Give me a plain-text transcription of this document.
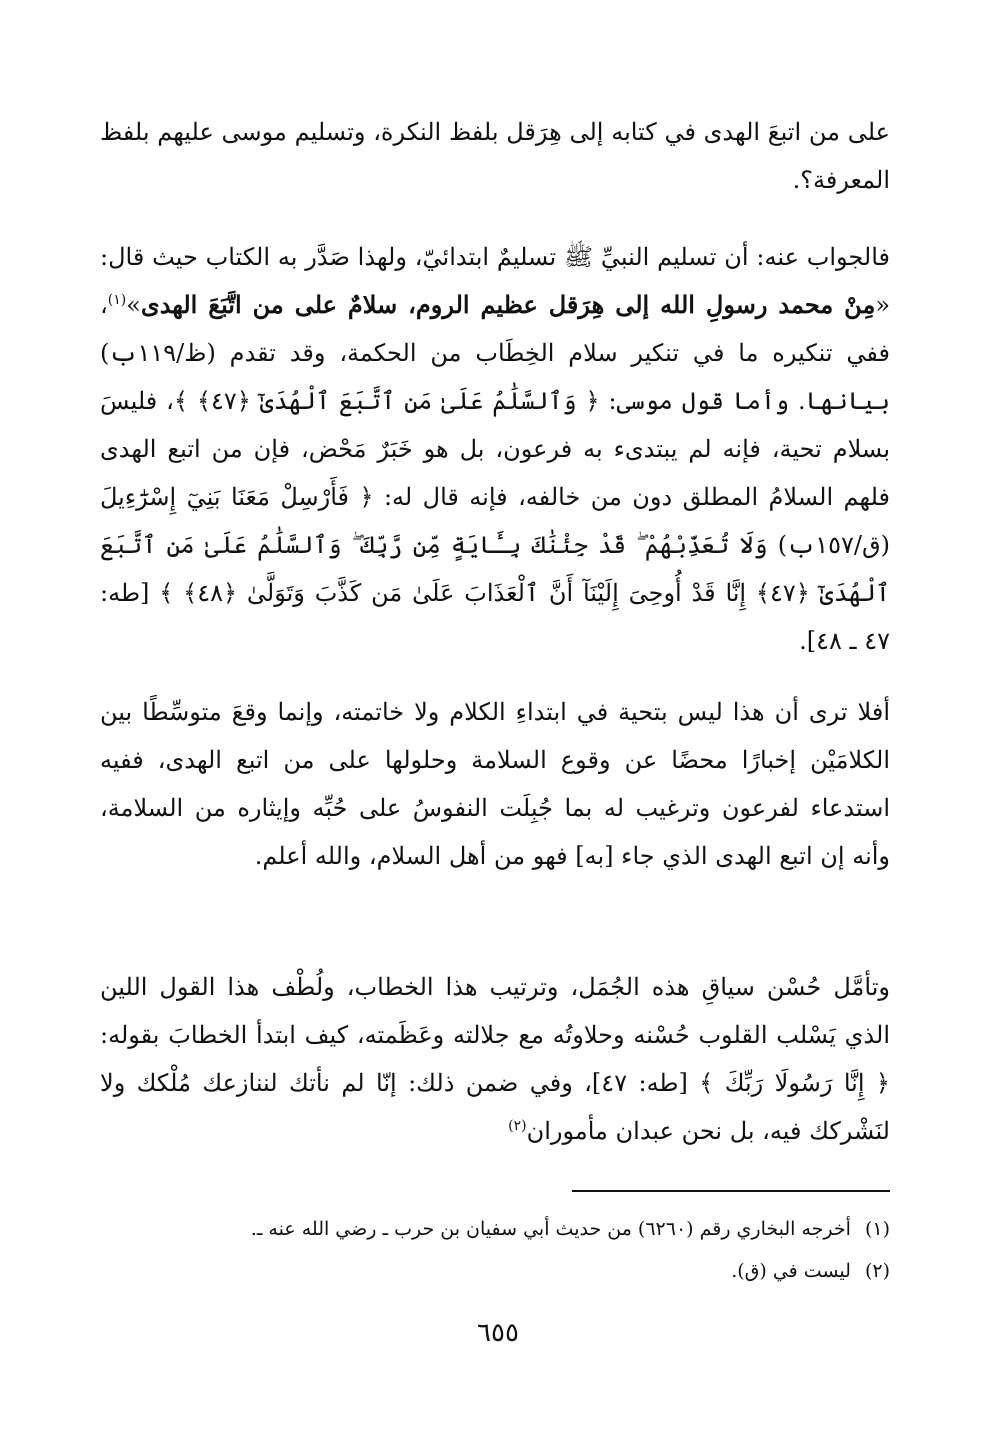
على من اتبعَ الهدى في كتابه إلى هِرَقل بلفظ النكرة، وتسليم موسى عليهم بلفظ المعرفة؟.

فالجواب عنه: أن تسليم النبيِّ ﷺ تسليمٌ ابتدائيّ، ولهذا صَدَّر به الكتاب حيث قال: «مِنْ محمد رسولِ الله إلى هِرَقل عظيم الروم، سلامٌ على من اتَّبَعَ الهدى»$^{(١)}$، ففي تنكيره ما في تنكير سلام الخِطَاب من الحكمة، وقد تقدم (ظ/١١٩ب) بيانها. وأما قول موسى: ﴿ وَٱلسَّلَٰمُ عَلَىٰ مَنِ ٱتَّبَعَ ٱلْهُدَىٰٓ ﴿٤٧﴾ ﴾، فليسَ بسلام تحية، فإنه لم يبتدىء به فرعون، بل هو خَبَرٌ مَحْض، فإن من اتبع الهدى فلهم السلامُ المطلق دون من خالفه، فإنه قال له: ﴿ فَأَرْسِلْ مَعَنَا بَنِيٓ إِسْرَٰٓءِيلَ (ق/١٥٧ب) وَلَا تُعَذِّبْهُمْ ۖ قَدْ جِئْنَٰكَ بِـَٔايَةٍ مِّن رَّبِّكَ ۖ وَٱلسَّلَٰمُ عَلَىٰ مَنِ ٱتَّبَعَ ٱلْهُدَىٰٓ ﴿٤٧﴾ إِنَّا قَدْ أُوحِىَ إِلَيْنَآ أَنَّ ٱلْعَذَابَ عَلَىٰ مَن كَذَّبَ وَتَوَلَّىٰ ﴿٤٨﴾ ﴾ [طه: ٤٧ ـ ٤٨].

أفلا ترى أن هذا ليس بتحية في ابتداءِ الكلام ولا خاتمته، وإنما وقعَ متوسِّطًا بين الكلامَيْن إخبارًا محضًا عن وقوع السلامة وحلولها على من اتبع الهدى، ففيه استدعاء لفرعون وترغيب له بما جُبِلَت النفوسُ على حُبِّه وإيثاره من السلامة، وأنه إن اتبع الهدى الذي جاء [به] فهو من أهل السلام، والله أعلم.

وتأمَّل حُسْن سياقِ هذه الجُمَل، وترتيب هذا الخطاب، ولُطْف هذا القول اللين الذي يَسْلب القلوب حُسْنه وحلاوتُه مع جلالته وعَظَمته، كيف ابتدأ الخطابَ بقوله: ﴿ إِنَّا رَسُولَا رَبِّكَ ﴾ [طه: ٤٧]، وفي ضمن ذلك: إنّا لم نأتك لننازعك مُلْكك ولا لنَشْركك فيه، بل نحن عبدان مأموران$^{(٢)}$

(١)أخرجه البخاري رقم (٦٢٦٠) من حديث أبي سفيان بن حرب ـ رضي الله عنه ـ.
(٢)ليست في (ق).
٦٥٥
